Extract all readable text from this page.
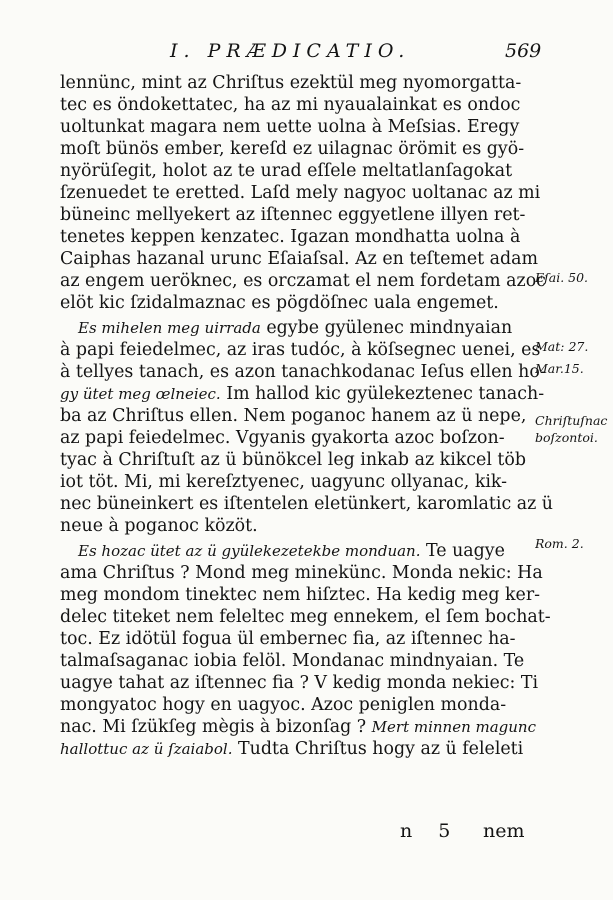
I. PRÆDICATIO.	569
lennünc, mint az Chriſtus ezektül meg nyomorgatta-
tec es öndokettatec, ha az mi nyaualainkat es ondoc
uoltunkat magara nem uette uolna à Meſsias. Eregy
moſt bünös ember, kereſd ez uilagnac örömit es gyö-
nyörüſegit, holot az te urad eſſele meltatlanſagokat
ſzenuedet te eretted. Laſd mely nagyoc uoltanac az mi
büneinc mellyekert az iſtennec eggyetlene illyen ret-
tenetes keppen kenzatec. Igazan mondhatta uolna à
Caiphas hazanal urunc Eſaiaſsal. Az en teſtemet adam
az engem ueröknec, es orczamat el nem fordetam azoc
elöt kic ſzidalmaznac es pögdöſnec uala engemet.
Es mihelen meg uirrada egybe gyülenec mindnyaian
à papi feiedelmec, az iras tudóc, à köſsegnec uenei, es
à tellyes tanach, es azon tanachkodanac Ieſus ellen ho-
gy ütet meg œlneiec. Im hallod kic gyülekeztenec tanach-
ba az Chriſtus ellen. Nem poganoc hanem az ü nepe,
az papi feiedelmec. Vgyanis gyakorta azoc boſzon-
tyac à Chriſtuſt az ü bünökcel leg inkab az kikcel töb
iot töt. Mi, mi kereſztyenec, uagyunc ollyanac, kik-
nec büneinkert es iſtentelen eletünkert, karomlatic az ü
neue à poganoc közöt.
Es hozac ütet az ü gyülekezetekbe monduan. Te uagye
ama Chriſtus ? Mond meg minekünc. Monda nekic: Ha
meg mondom tinektec nem hiſztec. Ha kedig meg ker-
delec titeket nem feleltec meg ennekem, el ſem bochat-
toc. Ez idötül fogua ül embernec fia, az iſtennec ha-
talmaſsaganac iobia felöl. Mondanac mindnyaian. Te
uagye tahat az iſtennec fia ? V kedig monda nekiec: Ti
mongyatoc hogy en uagyoc. Azoc peniglen monda-
nac. Mi ſzükſeg mègis à bizonſag ? Mert minnen magunc
hallottuc az ü ſzaiabol. Tudta Chriſtus hogy az ü feleleti
Eſai. 50.
Mat: 27.
Mar.15.
Chriſtuſnac
boſzontoi.
Rom. 2.
n 5 nem
